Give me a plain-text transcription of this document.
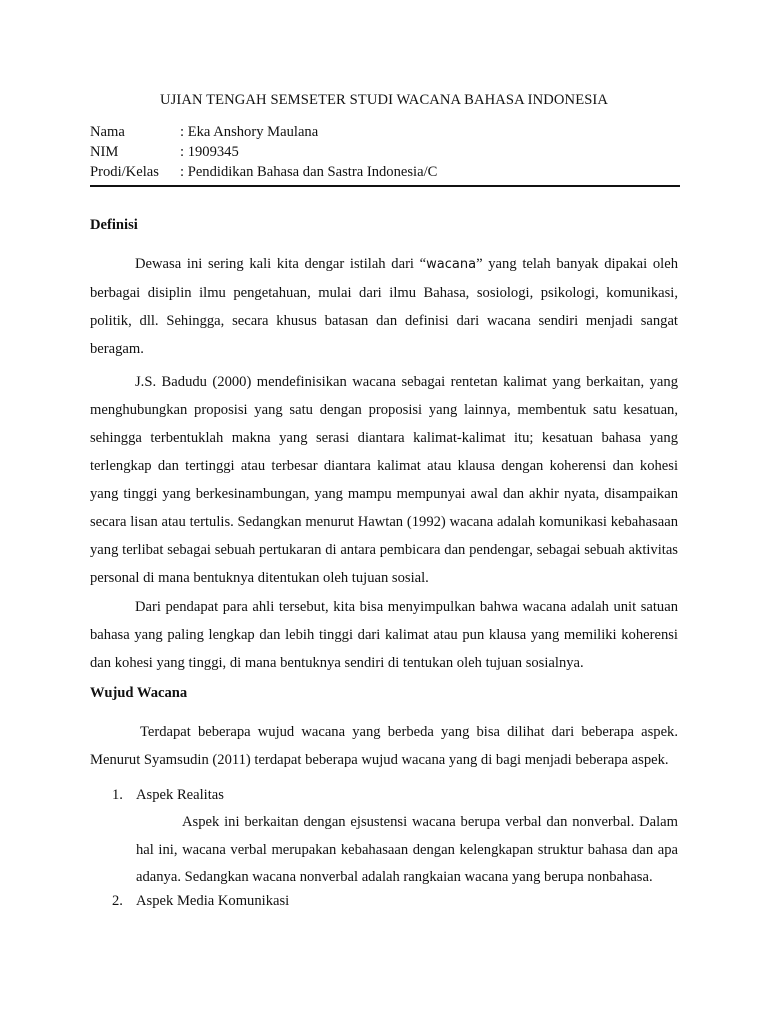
UJIAN TENGAH SEMSETER STUDI WACANA BAHASA INDONESIA
Nama	: Eka Anshory Maulana
NIM	: 1909345
Prodi/Kelas : Pendidikan Bahasa dan Sastra Indonesia/C
Definisi
Dewasa ini sering kali kita dengar istilah dari “wacana” yang telah banyak dipakai oleh berbagai disiplin ilmu pengetahuan, mulai dari ilmu Bahasa, sosiologi, psikologi, komunikasi, politik, dll. Sehingga, secara khusus batasan dan definisi dari wacana sendiri menjadi sangat beragam.
J.S. Badudu (2000) mendefinisikan wacana sebagai rentetan kalimat yang berkaitan, yang menghubungkan proposisi yang satu dengan proposisi yang lainnya, membentuk satu kesatuan, sehingga terbentuklah makna yang serasi diantara kalimat-kalimat itu; kesatuan bahasa yang terlengkap dan tertinggi atau terbesar diantara kalimat atau klausa dengan koherensi dan kohesi yang tinggi yang berkesinambungan, yang mampu mempunyai awal dan akhir nyata, disampaikan secara lisan atau tertulis. Sedangkan menurut Hawtan (1992) wacana adalah komunikasi kebahasaan yang terlibat sebagai sebuah pertukaran di antara pembicara dan pendengar, sebagai sebuah aktivitas personal di mana bentuknya ditentukan oleh tujuan sosial.
Dari pendapat para ahli tersebut, kita bisa menyimpulkan bahwa wacana adalah unit satuan bahasa yang paling lengkap dan lebih tinggi dari kalimat atau pun klausa yang memiliki koherensi dan kohesi yang tinggi, di mana bentuknya sendiri di tentukan oleh tujuan sosialnya.
Wujud Wacana
Terdapat beberapa wujud wacana yang berbeda yang bisa dilihat dari beberapa aspek. Menurut Syamsudin (2011) terdapat beberapa wujud wacana yang di bagi menjadi beberapa aspek.
1. Aspek Realitas
Aspek ini berkaitan dengan ejsustensi wacana berupa verbal dan nonverbal. Dalam hal ini, wacana verbal merupakan kebahasaan dengan kelengkapan struktur bahasa dan apa adanya. Sedangkan wacana nonverbal adalah rangkaian wacana yang berupa nonbahasa.
2. Aspek Media Komunikasi
